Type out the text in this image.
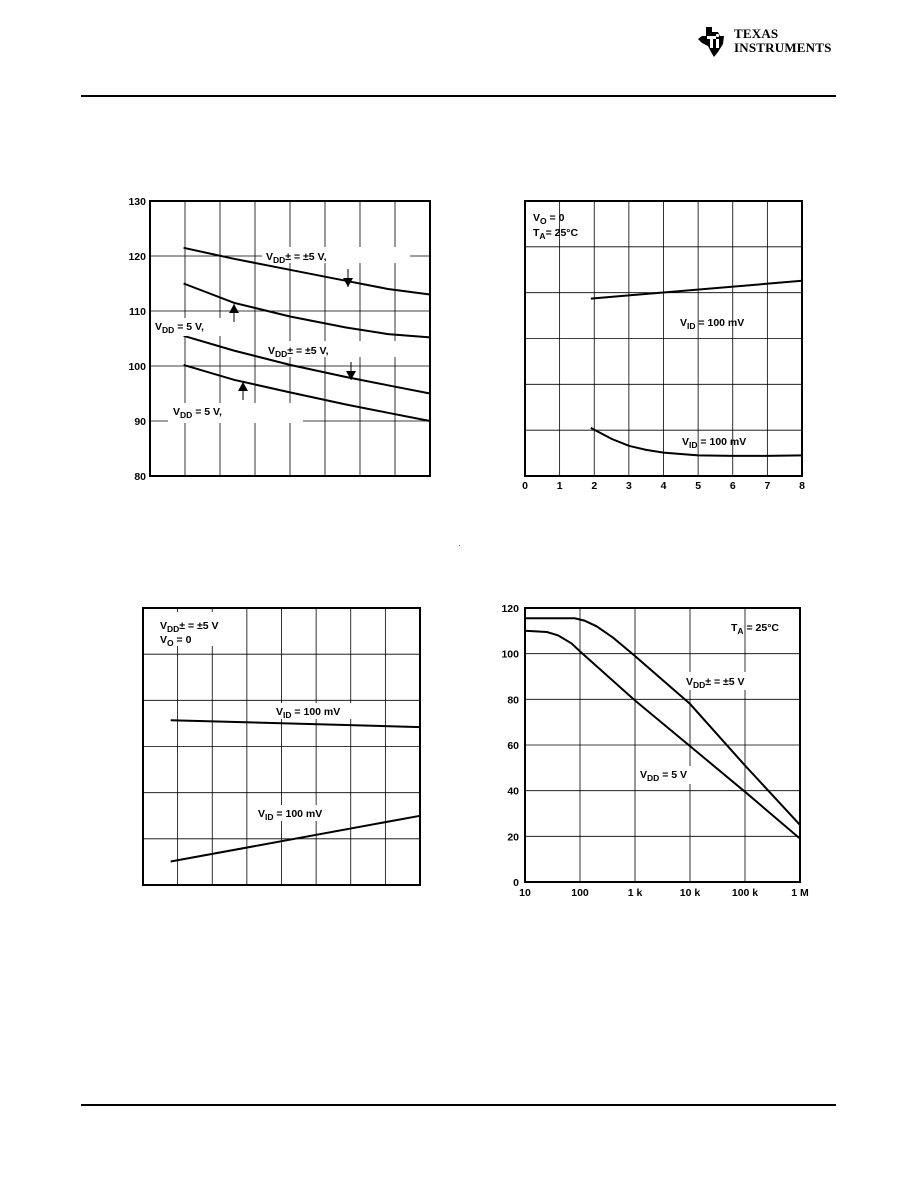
TEXAS
INSTRUMENTS
80
90
100
110
120
130
$V_{DD}\pm = \pm 5$ V,
$V_{DD} = 5$ V,
$V_{DD}\pm = \pm 5$ V,
$V_{DD} = 5$ V,
0	1	2	3	4	5	6	7	8
$V_O = 0$
$T_A= 25^\circ C$
$V_{ID} = 100$ mV
$V_{ID} = 100$ mV
$V_{DD}\pm = \pm 5$ V
$V_O = 0$
$V_{ID} = 100$ mV
$V_{ID} = 100$ mV
0
20
40
60
80
100
120
10	100	1 k	10 k	100 k	1 M
$T_A = 25^\circ C$
$V_{DD}\pm = \pm 5$ V
$V_{DD} = 5$ V
